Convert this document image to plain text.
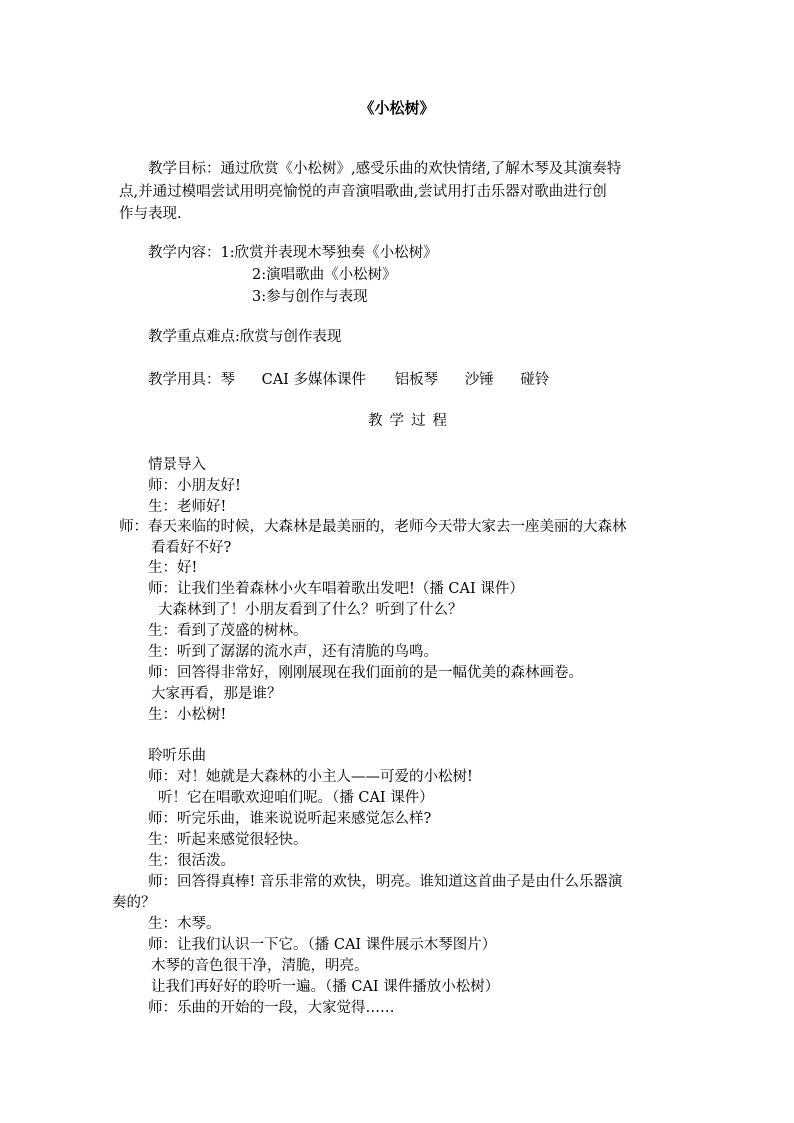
《小松树》
教学目标：通过欣赏《小松树》,感受乐曲的欢快情绪,了解木琴及其演奏特
点,并通过模唱尝试用明亮愉悦的声音演唱歌曲,尝试用打击乐器对歌曲进行创
作与表现.
教学内容：1:欣赏并表现木琴独奏《小松树》
2:演唱歌曲《小松树》
3:参与创作与表现
教学重点难点:欣赏与创作表现
教学用具：琴 CAI 多媒体课件 铝板琴 沙锤 碰铃
教学过程
情景导入
师：小朋友好!
生：老师好!
师：春天来临的时候，大森林是最美丽的，老师今天带大家去一座美丽的大森林
看看好不好?
生：好!
师：让我们坐着森林小火车唱着歌出发吧!（播 CAI 课件）
大森林到了！小朋友看到了什么？听到了什么？
生：看到了茂盛的树林。
生：听到了潺潺的流水声，还有清脆的鸟鸣。
师：回答得非常好，刚刚展现在我们面前的是一幅优美的森林画卷。
大家再看，那是谁？
生：小松树!
聆听乐曲
师：对！她就是大森林的小主人——可爱的小松树!
听！它在唱歌欢迎咱们呢。（播 CAI 课件）
师：听完乐曲，谁来说说听起来感觉怎么样?
生：听起来感觉很轻快。
生：很活泼。
师：回答得真棒! 音乐非常的欢快，明亮。谁知道这首曲子是由什么乐器演
奏的？
生：木琴。
师：让我们认识一下它。（播 CAI 课件展示木琴图片）
木琴的音色很干净，清脆，明亮。
让我们再好好的聆听一遍。（播 CAI 课件播放小松树）
师：乐曲的开始的一段，大家觉得……
